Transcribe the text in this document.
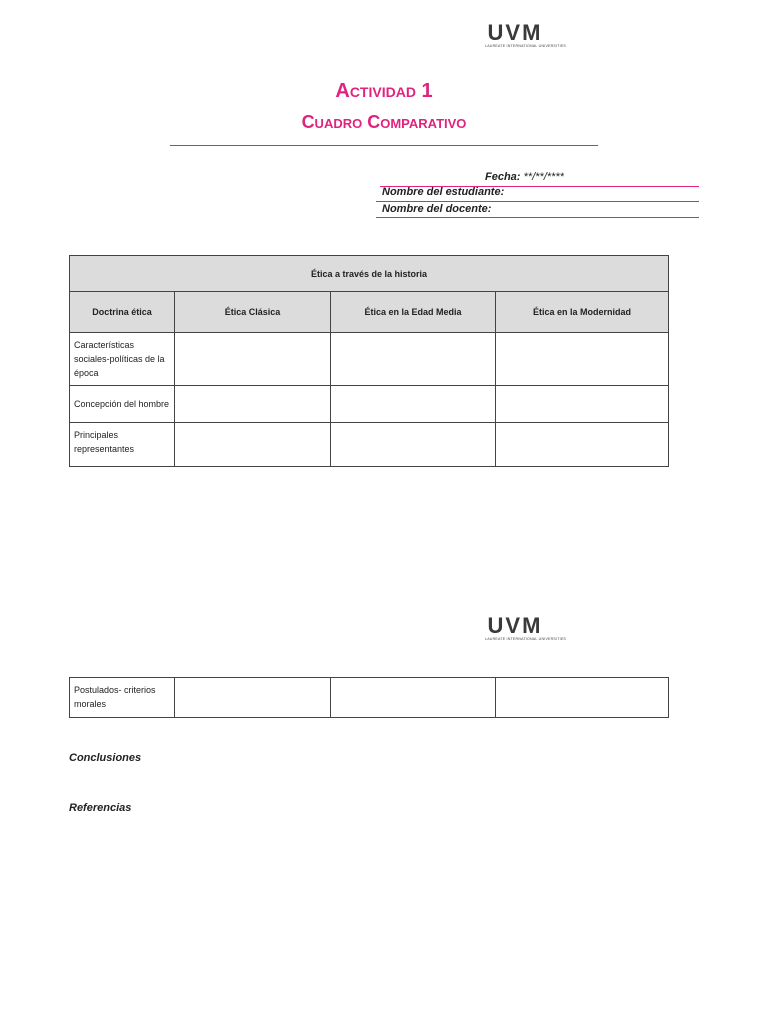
UVM
LAUREATE INTERNATIONAL UNIVERSITIES
Actividad 1
Cuadro Comparativo
Fecha: **/**/****
Nombre del estudiante:
Nombre del docente:
Ética a través de la historia			
Doctrina ética	Ética Clásica	Ética en la Edad Media	Ética en la Modernidad
Características sociales-políticas de la época			
Concepción del hombre			
Principales representantes			
UVM
LAUREATE INTERNATIONAL UNIVERSITIES
Postulados- criterios morales			
Conclusiones
Referencias
